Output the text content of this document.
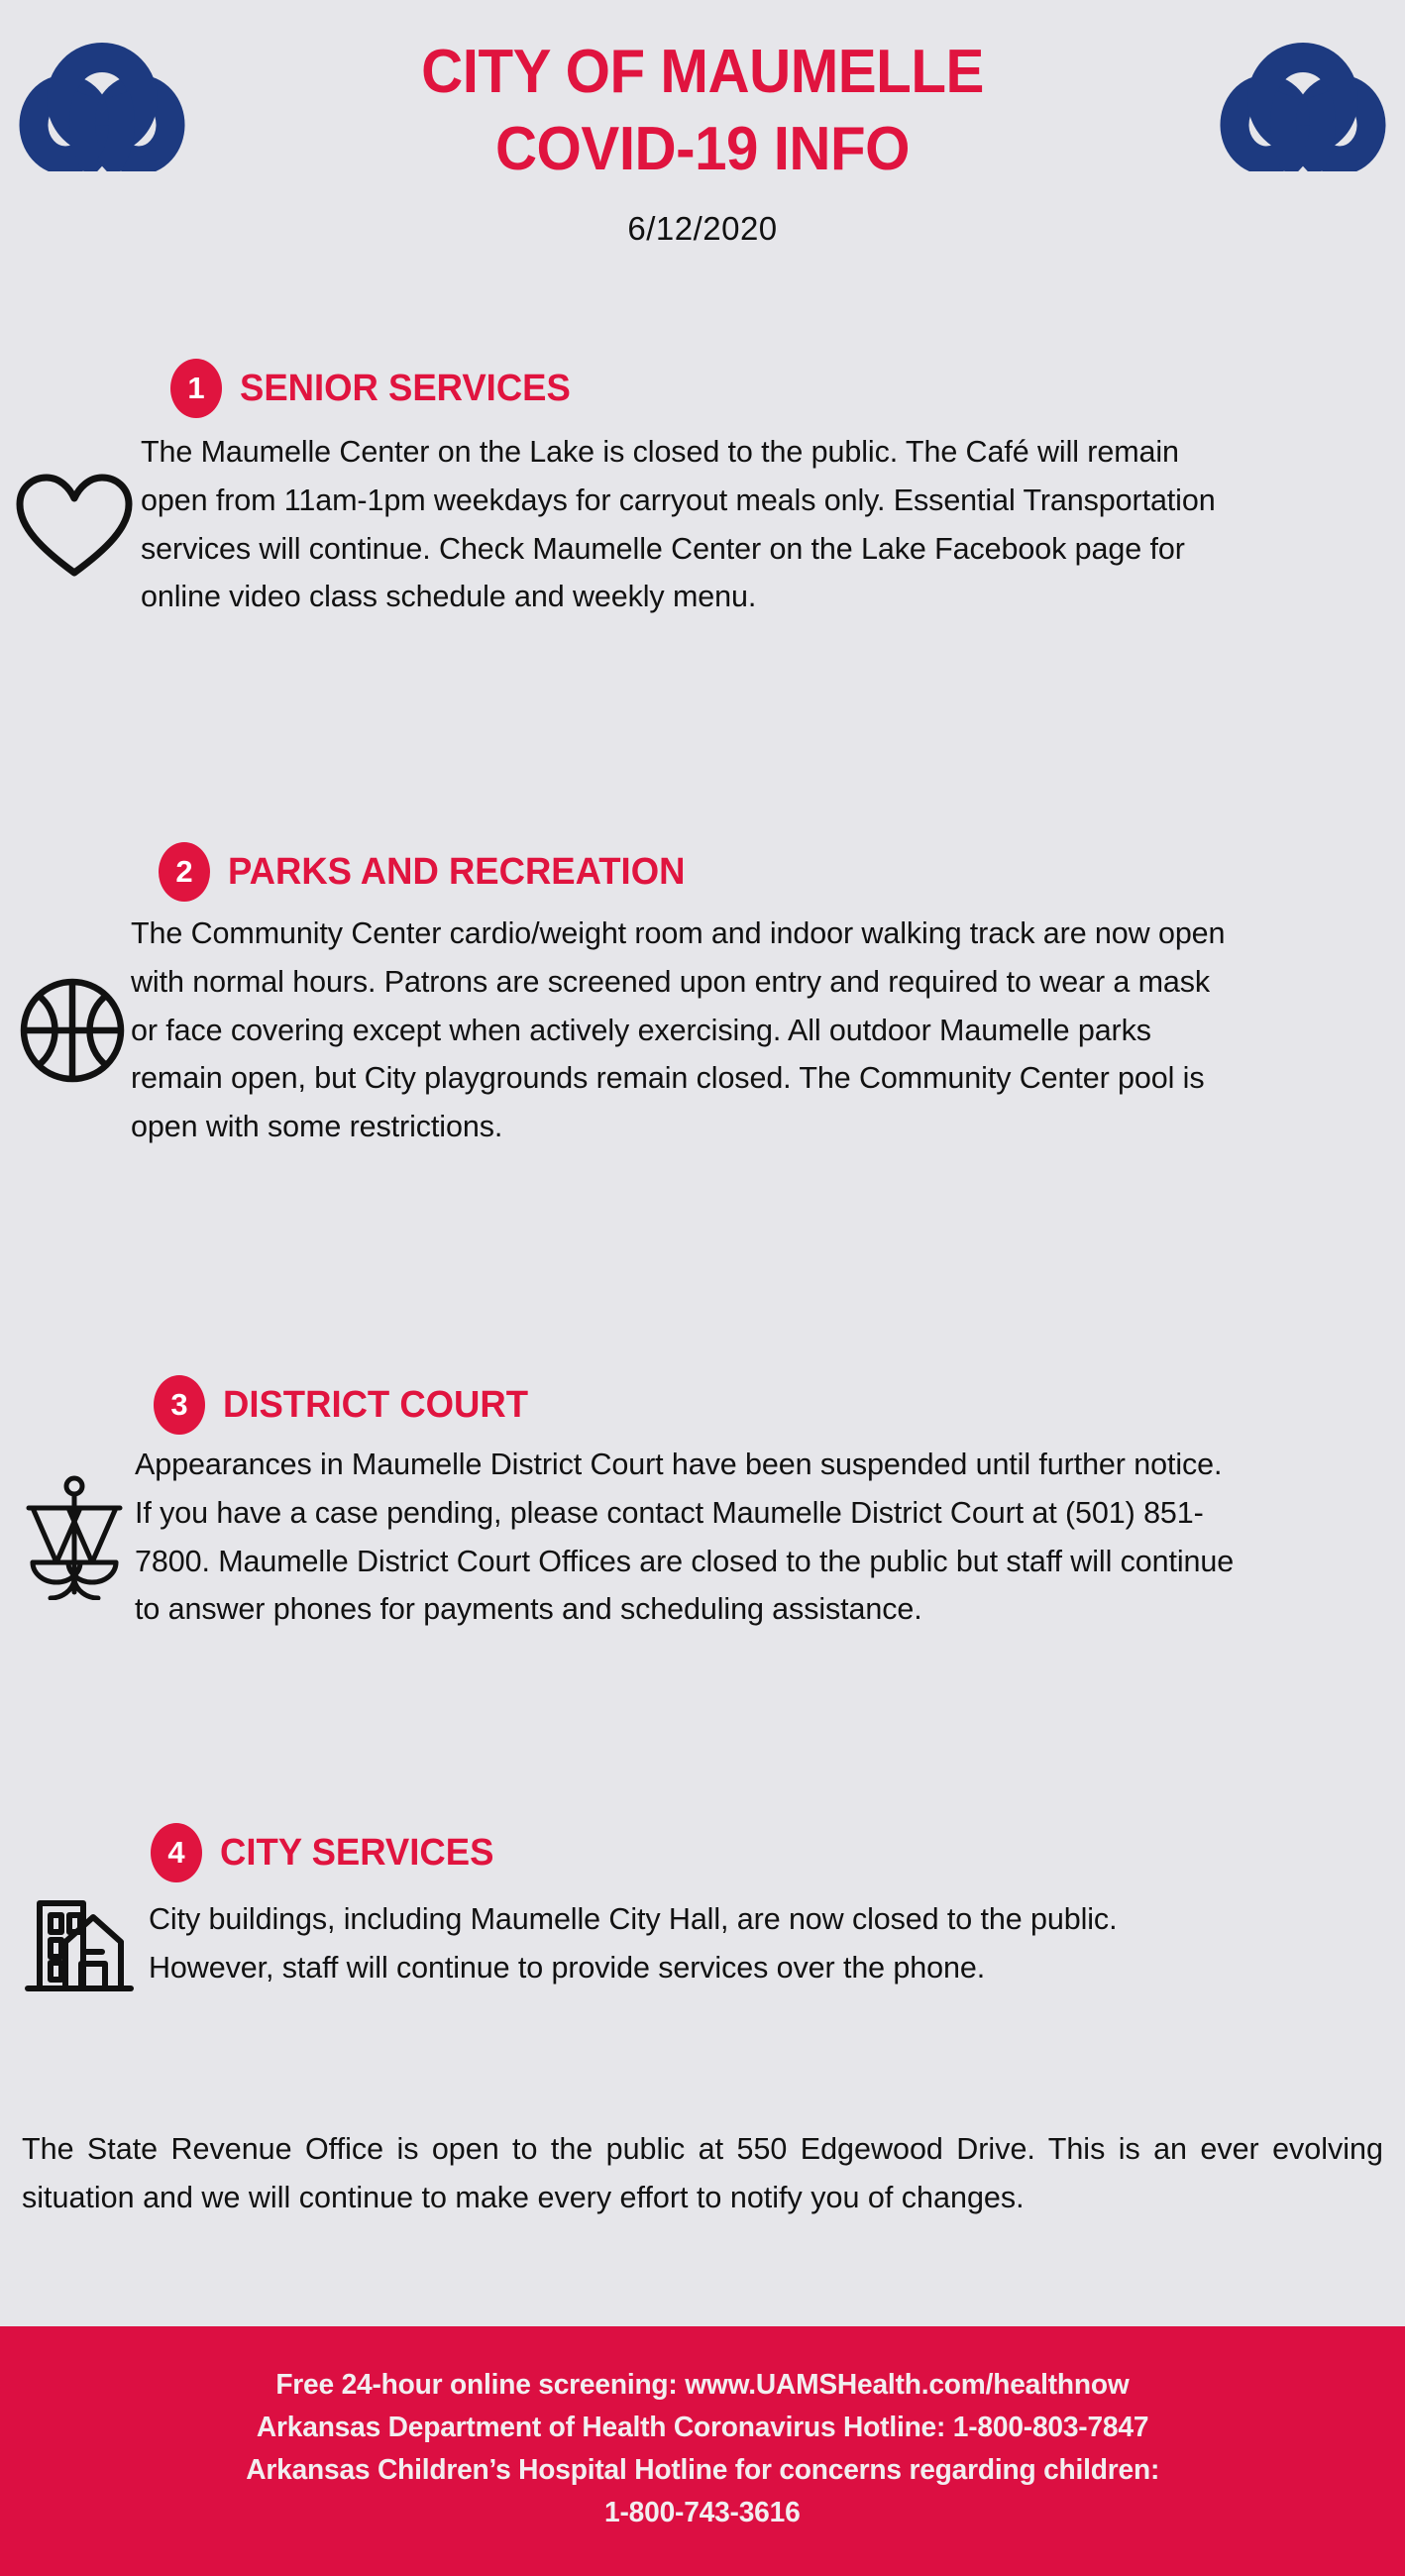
CITY OF MAUMELLE
COVID-19 INFO
6/12/2020
1 SENIOR SERVICES
The Maumelle Center on the Lake is closed to the public. The Café will remain open from 11am-1pm weekdays for carryout meals only. Essential Transportation services will continue. Check Maumelle Center on the Lake Facebook page for online video class schedule and weekly menu.
2 PARKS AND RECREATION
The Community Center cardio/weight room and indoor walking track are now open with normal hours. Patrons are screened upon entry and required to wear a mask or face covering except when actively exercising. All outdoor Maumelle parks remain open, but City playgrounds remain closed. The Community Center pool is open with some restrictions.
3 DISTRICT COURT
Appearances in Maumelle District Court have been suspended until further notice. If you have a case pending, please contact Maumelle District Court at (501) 851-7800. Maumelle District Court Offices are closed to the public but staff will continue to answer phones for payments and scheduling assistance.
4 CITY SERVICES
City buildings, including Maumelle City Hall, are now closed to the public. However, staff will continue to provide services over the phone.
The State Revenue Office is open to the public at 550 Edgewood Drive. This is an ever evolving situation and we will continue to make every effort to notify you of changes.
Free 24-hour online screening: www.UAMSHealth.com/healthnow
Arkansas Department of Health Coronavirus Hotline: 1-800-803-7847
Arkansas Children’s Hospital Hotline for concerns regarding children:
1-800-743-3616
